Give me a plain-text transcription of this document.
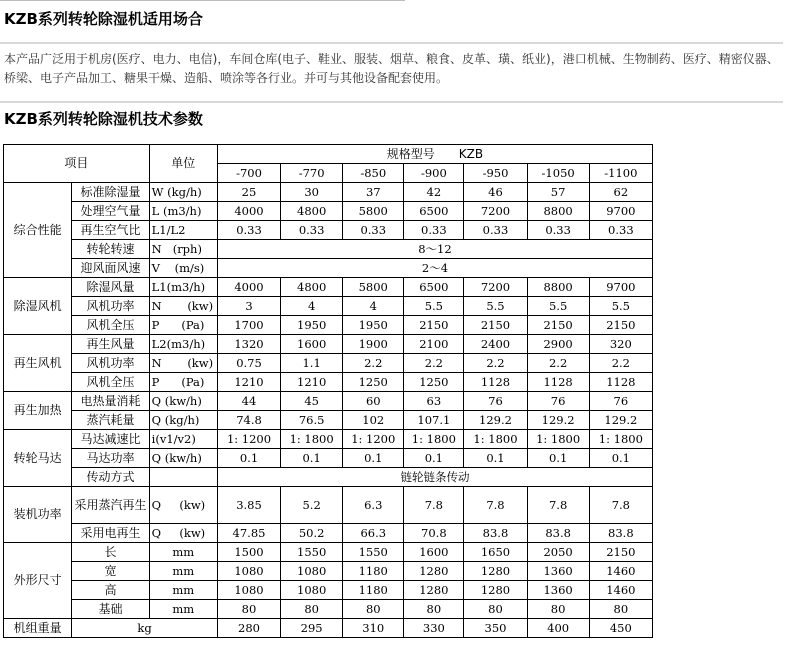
KZB系列转轮除湿机适用场合
本产品广泛用于机房(医疗、电力、电信)，车间仓库(电子、鞋业、服装、烟草、粮食、皮革、璜、纸业)，港口机械、生物制药、医疗、精密仪器、桥梁、电子产品加工、糖果干燥、造船、喷涂等各行业。并可与其他设备配套使用。
KZB系列转轮除湿机技术参数
项目		单位	规格型号　　KZB						
			-700	-770	-850	-900	-950	-1050	-1100
综合性能	标准除湿量	W (kg/h)	25	30	37	42	46	57	62
	处理空气量	L (m3/h)	4000	4800	5800	6500	7200	8800	9700
	再生空气比	L1/L2	0.33	0.33	0.33	0.33	0.33	0.33	0.33
	转轮转速	N   (rph)	8～12						
	迎风面风速	V    (m/s)	2～4						
除湿风机	除湿风量	L1(m3/h)	4000	4800	5800	6500	7200	8800	9700
	风机功率	N       (kw)	3	4	4	5.5	5.5	5.5	5.5
	风机全压	P      (Pa)	1700	1950	1950	2150	2150	2150	2150
再生风机	再生风量	L2(m3/h)	1320	1600	1900	2100	2400	2900	320
	风机功率	N       (kw)	0.75	1.1	2.2	2.2	2.2	2.2	2.2
	风机全压	P      (Pa)	1210	1210	1250	1250	1128	1128	1128
再生加热	电热量消耗	Q (kw/h)	44	45	60	63	76	76	76
	蒸汽耗量	Q (kg/h)	74.8	76.5	102	107.1	129.2	129.2	129.2
转轮马达	马达减速比	i(v1/v2)	1: 1200	1: 1800	1: 1200	1: 1800	1: 1800	1: 1800	1: 1800
	马达功率	Q (kw/h)	0.1	0.1	0.1	0.1	0.1	0.1	0.1
	传动方式		链轮链条传动						
装机功率	采用蒸汽再生	Q     (kw)	3.85	5.2	6.3	7.8	7.8	7.8	7.8
	采用电再生	Q     (kw)	47.85	50.2	66.3	70.8	83.8	83.8	83.8
外形尺寸	长	mm	1500	1550	1550	1600	1650	2050	2150
	宽	mm	1080	1080	1180	1280	1280	1360	1460
	高	mm	1080	1080	1180	1280	1280	1360	1460
	基础	mm	80	80	80	80	80	80	80
机组重量	kg		280	295	310	330	350	400	450
